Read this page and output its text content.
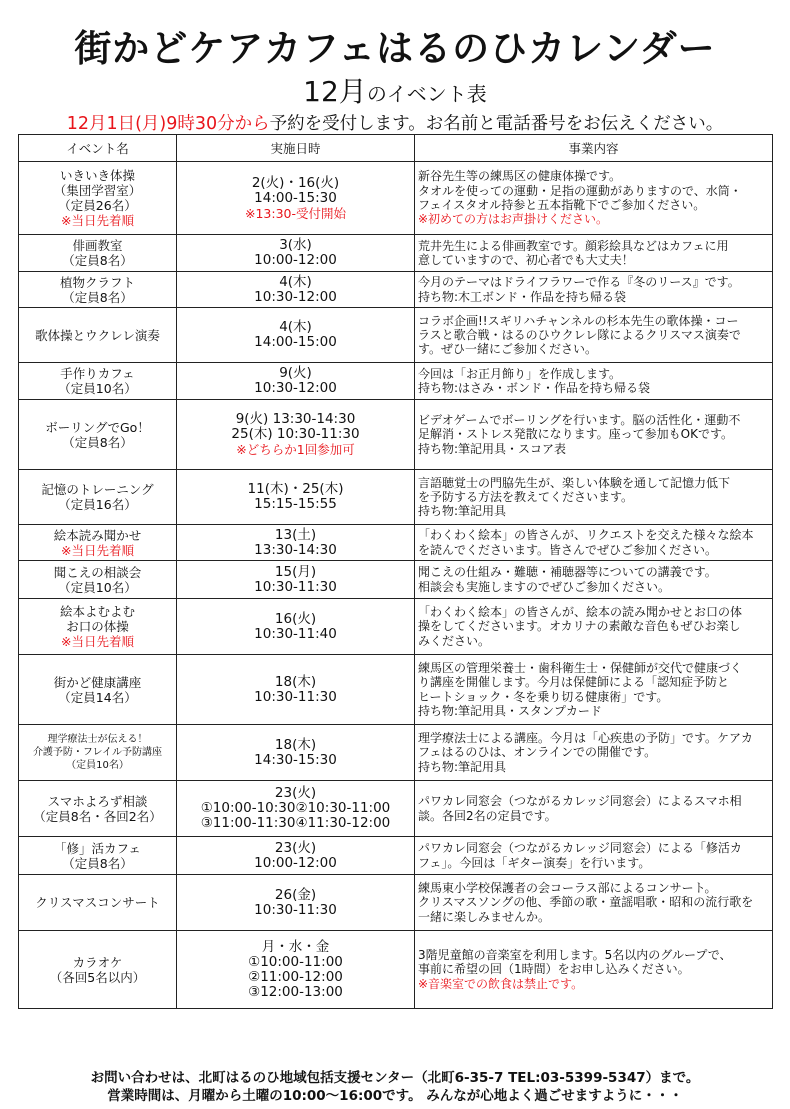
街かどケアカフェはるのひカレンダー
12月のイベント表
12月1日(月)9時30分から予約を受付します。お名前と電話番号をお伝えください。
イベント名	実施日時	事業内容

いきいき体操
（集団学習室）
（定員26名）
※当日先着順	2(火)・16(火)
14:00-15:30
※13:30-受付開始	新谷先生等の練馬区の健康体操です。
タオルを使っての運動・足指の運動がありますので、水筒・
フェイスタオル持参と五本指靴下でご参加ください。
※初めての方はお声掛けください。

俳画教室
（定員8名）	3(水)
10:00-12:00	荒井先生による俳画教室です。顔彩絵具などはカフェに用
意していますので、初心者でも大丈夫！

植物クラフト
（定員8名）	4(木)
10:30-12:00	今月のテーマはドライフラワーで作る『冬のリース』です。
持ち物:木工ボンド・作品を持ち帰る袋

歌体操とウクレレ演奏	4(木)
14:00-15:00	コラボ企画!!スギリハチャンネルの杉本先生の歌体操・コー
ラスと歌合戦・はるのひウクレレ隊によるクリスマス演奏で
す。ぜひ一緒にご参加ください。

手作りカフェ
（定員10名）	9(火)
10:30-12:00	今回は「お正月飾り」を作成します。
持ち物:はさみ・ボンド・作品を持ち帰る袋

ボーリングでGo！
（定員8名）	9(火) 13:30-14:30
25(木) 10:30-11:30
※どちらか1回参加可	ビデオゲームでボーリングを行います。脳の活性化・運動不
足解消・ストレス発散になります。座って参加もOKです。
持ち物:筆記用具・スコア表

記憶のトレーニング
（定員16名）	11(木)・25(木)
15:15-15:55	言語聴覚士の門脇先生が、楽しい体験を通して記憶力低下
を予防する方法を教えてくださいます。
持ち物:筆記用具

絵本読み聞かせ
※当日先着順	13(土)
13:30-14:30	「わくわく絵本」の皆さんが、リクエストを交えた様々な絵本
を読んでくださいます。皆さんでぜひご参加ください。

聞こえの相談会
（定員10名）	15(月)
10:30-11:30	聞こえの仕組み・難聴・補聴器等についての講義です。
相談会も実施しますのでぜひご参加ください。

絵本よむよむ
お口の体操
※当日先着順	16(火)
10:30-11:40	「わくわく絵本」の皆さんが、絵本の読み聞かせとお口の体
操をしてくださいます。オカリナの素敵な音色もぜひお楽し
みください。

街かど健康講座
（定員14名）	18(木)
10:30-11:30	練馬区の管理栄養士・歯科衛生士・保健師が交代で健康づく
り講座を開催します。今月は保健師による「認知症予防と
ヒートショック・冬を乗り切る健康術」です。
持ち物:筆記用具・スタンプカード

理学療法士が伝える！
介護予防・フレイル予防講座
（定員10名）	18(木)
14:30-15:30	理学療法士による講座。今月は「心疾患の予防」です。ケアカ
フェはるのひは、オンラインでの開催です。
持ち物:筆記用具

スマホよろず相談
（定員8名・各回2名）	23(火)
①10:00-10:30②10:30-11:00
③11:00-11:30④11:30-12:00	パワカレ同窓会（つながるカレッジ同窓会）によるスマホ相
談。各回2名の定員です。

「修」活カフェ
（定員8名）	23(火)
10:00-12:00	パワカレ同窓会（つながるカレッジ同窓会）による「修活カ
フェ」。今回は「ギター演奏」を行います。

クリスマスコンサート	26(金)
10:30-11:30	練馬東小学校保護者の会コーラス部によるコンサート。
クリスマスソングの他、季節の歌・童謡唱歌・昭和の流行歌を
一緒に楽しみませんか。

カラオケ
（各回5名以内）	月・水・金
①10:00-11:00
②11:00-12:00
③12:00-13:00	3階児童館の音楽室を利用します。5名以内のグループで、
事前に希望の回（1時間）をお申し込みください。
※音楽室での飲食は禁止です。
お問い合わせは、北町はるのひ地域包括支援センター（北町6-35-7 TEL:03-5399-5347）まで。
営業時間は、月曜から土曜の10:00～16:00です。 みんなが心地よく過ごせますように・・・
